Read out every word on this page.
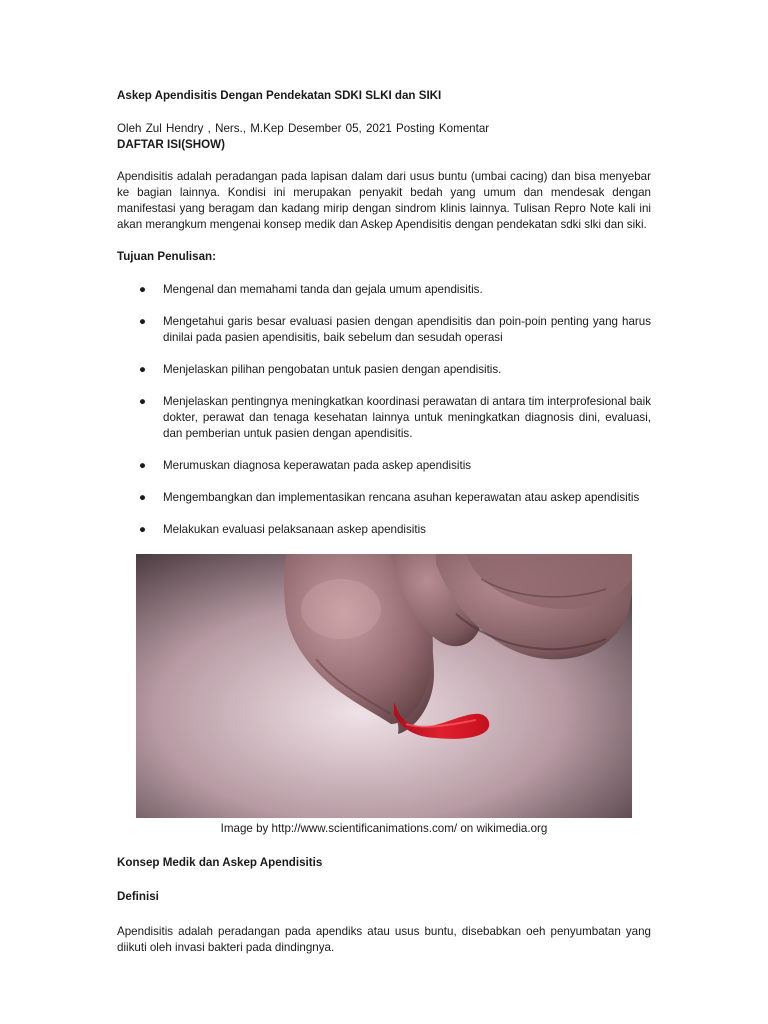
Askep Apendisitis Dengan Pendekatan SDKI SLKI dan SIKI

Oleh Zul Hendry , Ners., M.Kep Desember 05, 2021 Posting Komentar

DAFTAR ISI(SHOW)

Apendisitis adalah peradangan pada lapisan dalam dari usus buntu (umbai cacing) dan bisa menyebar ke bagian lainnya. Kondisi ini merupakan penyakit bedah yang umum dan mendesak dengan manifestasi yang beragam dan kadang mirip dengan sindrom klinis lainnya. Tulisan Repro Note kali ini akan merangkum mengenai konsep medik dan Askep Apendisitis dengan pendekatan sdki slki dan siki.

Tujuan Penulisan:

● Mengenal dan memahami tanda dan gejala umum apendisitis.
● Mengetahui garis besar evaluasi pasien dengan apendisitis dan poin-poin penting yang harus dinilai pada pasien apendisitis, baik sebelum dan sesudah operasi
● Menjelaskan pilihan pengobatan untuk pasien dengan apendisitis.
● Menjelaskan pentingnya meningkatkan koordinasi perawatan di antara tim interprofesional baik dokter, perawat dan tenaga kesehatan lainnya untuk meningkatkan diagnosis dini, evaluasi, dan pemberian untuk pasien dengan apendisitis.
● Merumuskan diagnosa keperawatan pada askep apendisitis
● Mengembangkan dan implementasikan rencana asuhan keperawatan atau askep apendisitis
● Melakukan evaluasi pelaksanaan askep apendisitis

Image by http://www.scientificanimations.com/ on wikimedia.org

Konsep Medik dan Askep Apendisitis

Definisi

Apendisitis adalah peradangan pada apendiks atau usus buntu, disebabkan oeh penyumbatan yang diikuti oleh invasi bakteri pada dindingnya.
